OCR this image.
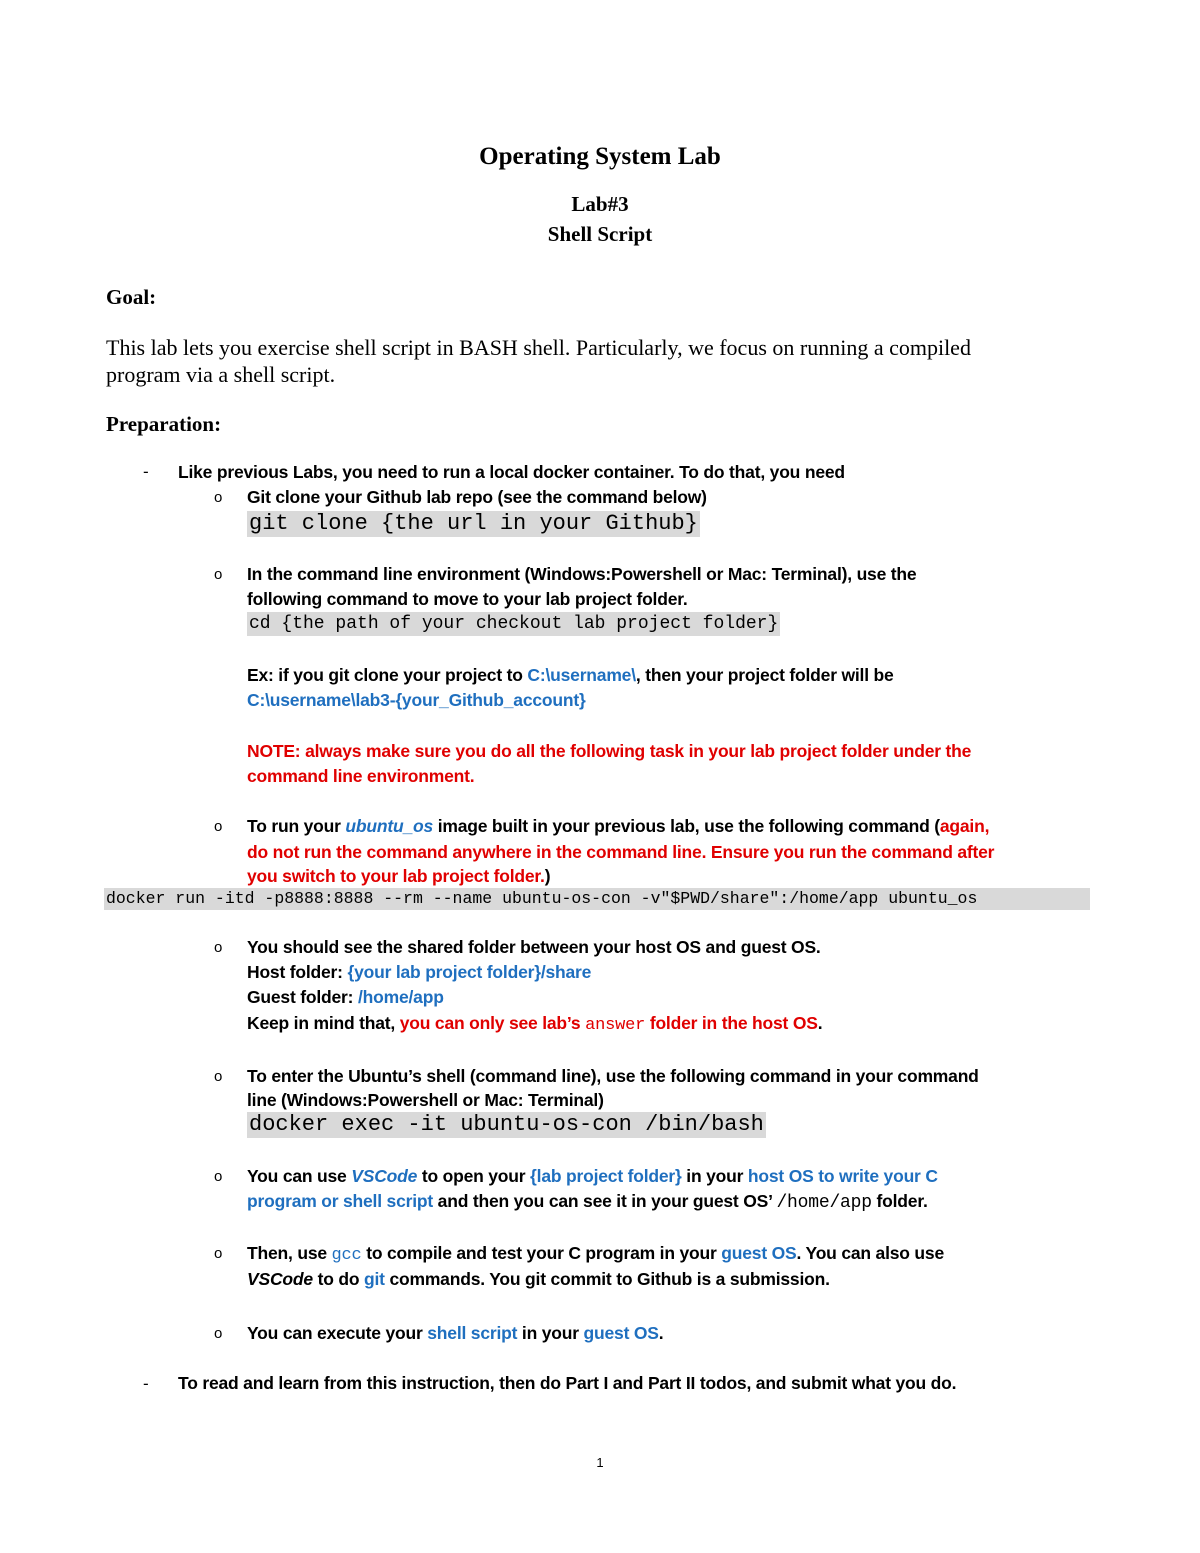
Operating System Lab
Lab#3
Shell Script
Goal:
This lab lets you exercise shell script in BASH shell. Particularly, we focus on running a compiled
program via a shell script.
Preparation:
- Like previous Labs, you need to run a local docker container. To do that, you need
o Git clone your Github lab repo (see the command below)
git clone {the url in your Github}
o In the command line environment (Windows:Powershell or Mac: Terminal), use the
following command to move to your lab project folder.
cd {the path of your checkout lab project folder}
Ex: if you git clone your project to C:\username\, then your project folder will be
C:\username\lab3-{your_Github_account}
NOTE: always make sure you do all the following task in your lab project folder under the
command line environment.
o To run your ubuntu_os image built in your previous lab, use the following command (again,
do not run the command anywhere in the command line. Ensure you run the command after
you switch to your lab project folder.)
docker run -itd -p8888:8888 --rm --name ubuntu-os-con -v"$PWD/share":/home/app ubuntu_os
o You should see the shared folder between your host OS and guest OS.
Host folder: {your lab project folder}/share
Guest folder: /home/app
Keep in mind that, you can only see lab’s answer folder in the host OS.
o To enter the Ubuntu’s shell (command line), use the following command in your command
line (Windows:Powershell or Mac: Terminal)
docker exec -it ubuntu-os-con /bin/bash
o You can use VSCode to open your {lab project folder} in your host OS to write your C
program or shell script and then you can see it in your guest OS’ /home/app folder.
o Then, use gcc to compile and test your C program in your guest OS. You can also use
VSCode to do git commands. You git commit to Github is a submission.
o You can execute your shell script in your guest OS.
- To read and learn from this instruction, then do Part I and Part II todos, and submit what you do.
1
